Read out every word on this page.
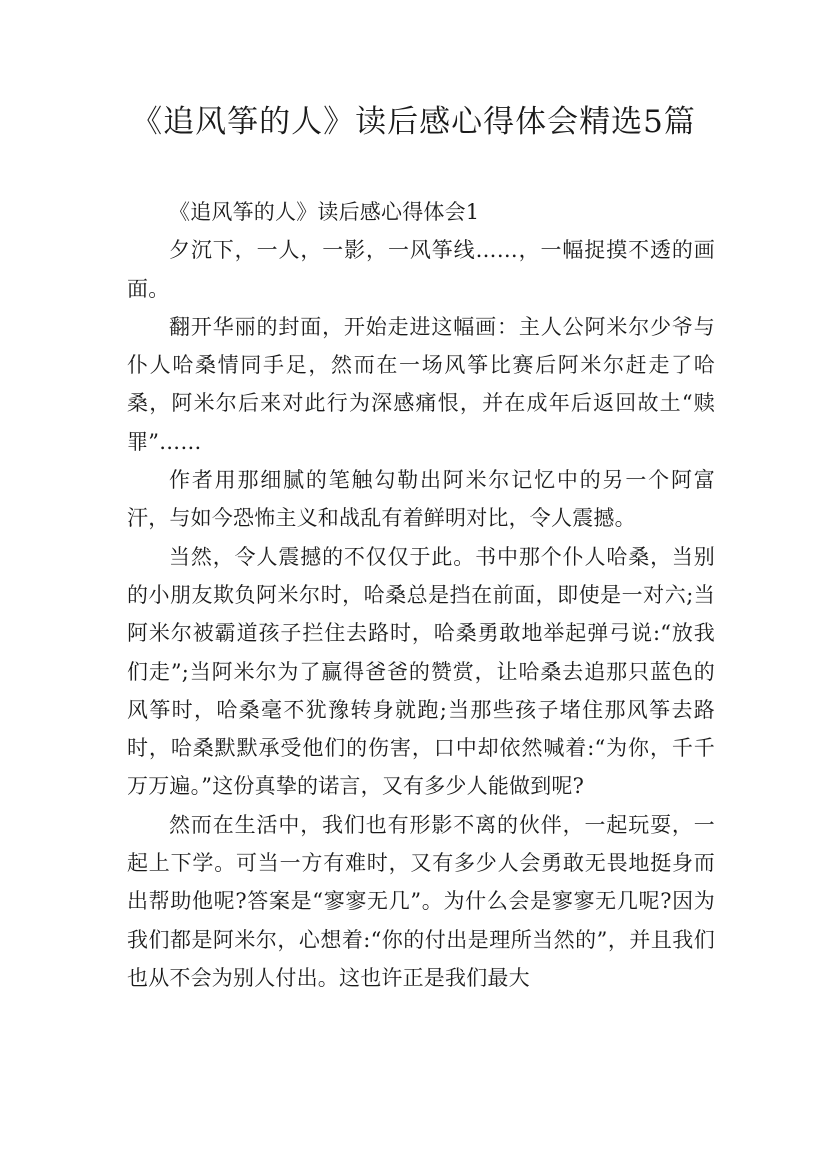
《追风筝的人》读后感心得体会精选5篇

《追风筝的人》读后感心得体会1

夕沉下，一人，一影，一风筝线……，一幅捉摸不透的画面。

翻开华丽的封面，开始走进这幅画：主人公阿米尔少爷与仆人哈桑情同手足，然而在一场风筝比赛后阿米尔赶走了哈桑，阿米尔后来对此行为深感痛恨，并在成年后返回故土“赎罪”……

作者用那细腻的笔触勾勒出阿米尔记忆中的另一个阿富汗，与如今恐怖主义和战乱有着鲜明对比，令人震撼。

当然，令人震撼的不仅仅于此。书中那个仆人哈桑，当别的小朋友欺负阿米尔时，哈桑总是挡在前面，即使是一对六;当阿米尔被霸道孩子拦住去路时，哈桑勇敢地举起弹弓说:“放我们走”;当阿米尔为了赢得爸爸的赞赏，让哈桑去追那只蓝色的风筝时，哈桑毫不犹豫转身就跑;当那些孩子堵住那风筝去路时，哈桑默默承受他们的伤害，口中却依然喊着:“为你，千千万万遍。”这份真挚的诺言，又有多少人能做到呢?

然而在生活中，我们也有形影不离的伙伴，一起玩耍，一起上下学。可当一方有难时，又有多少人会勇敢无畏地挺身而出帮助他呢?答案是“寥寥无几”。为什么会是寥寥无几呢?因为我们都是阿米尔，心想着:“你的付出是理所当然的”，并且我们也从不会为别人付出。这也许正是我们最大
